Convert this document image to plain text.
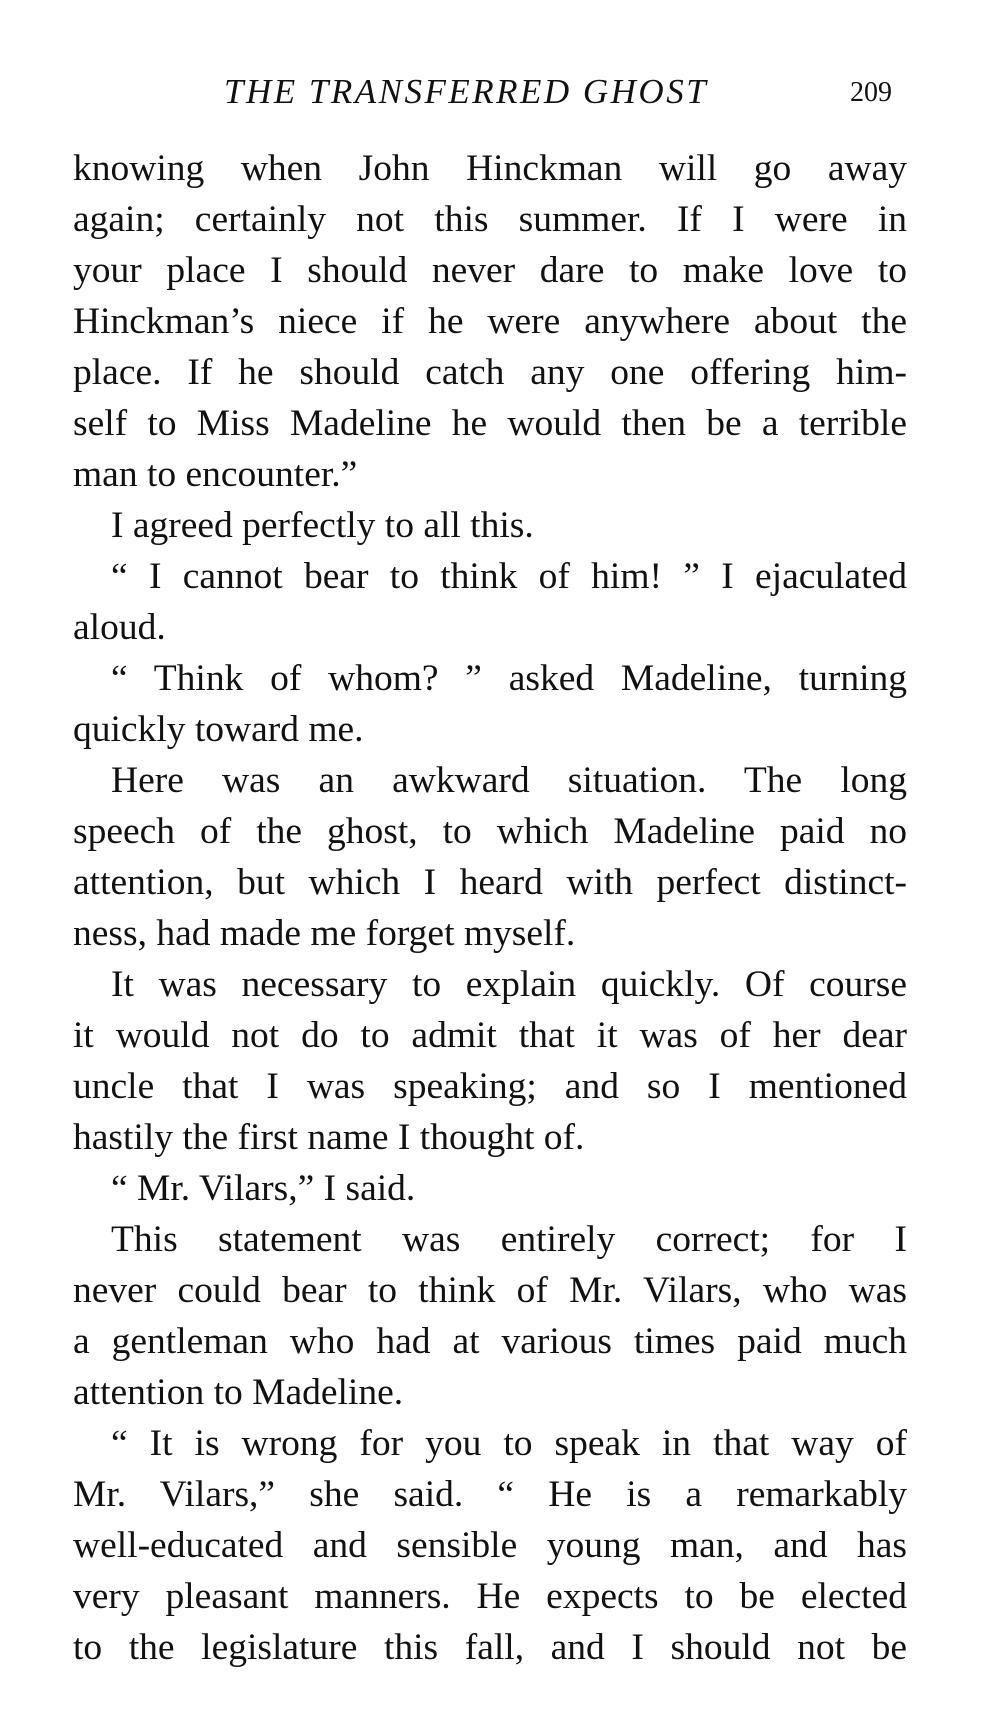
THE TRANSFERRED GHOST	209
knowing when John Hinckman will go away
again; certainly not this summer. If I were in
your place I should never dare to make love to
Hinckman’s niece if he were anywhere about the
place. If he should catch any one offering him-
self to Miss Madeline he would then be a terrible
man to encounter.”
I agreed perfectly to all this.
“ I cannot bear to think of him! ” I ejaculated
aloud.
“ Think of whom? ” asked Madeline, turning
quickly toward me.
Here was an awkward situation. The long
speech of the ghost, to which Madeline paid no
attention, but which I heard with perfect distinct-
ness, had made me forget myself.
It was necessary to explain quickly. Of course
it would not do to admit that it was of her dear
uncle that I was speaking; and so I mentioned
hastily the first name I thought of.
“ Mr. Vilars,” I said.
This statement was entirely correct; for I
never could bear to think of Mr. Vilars, who was
a gentleman who had at various times paid much
attention to Madeline.
“ It is wrong for you to speak in that way of
Mr. Vilars,” she said. “ He is a remarkably
well-educated and sensible young man, and has
very pleasant manners. He expects to be elected
to the legislature this fall, and I should not be
